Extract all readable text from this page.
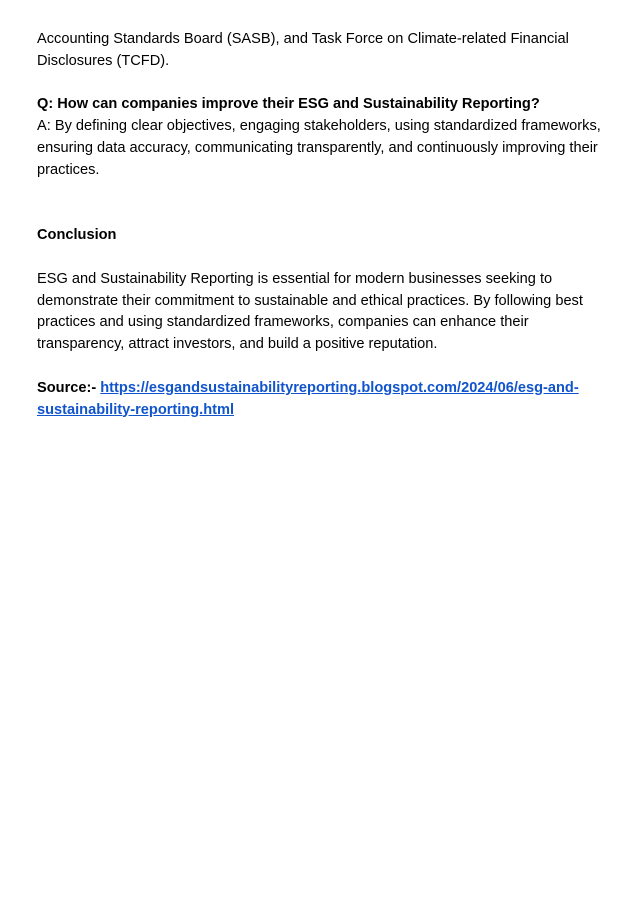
Accounting Standards Board (SASB), and Task Force on Climate-related Financial Disclosures (TCFD).

Q: How can companies improve their ESG and Sustainability Reporting?

A: By defining clear objectives, engaging stakeholders, using standardized frameworks, ensuring data accuracy, communicating transparently, and continuously improving their practices.

Conclusion

ESG and Sustainability Reporting is essential for modern businesses seeking to demonstrate their commitment to sustainable and ethical practices. By following best practices and using standardized frameworks, companies can enhance their transparency, attract investors, and build a positive reputation.

Source:- https://esgandsustainabilityreporting.blogspot.com/2024/06/esg-and-sustainability-reporting.html
